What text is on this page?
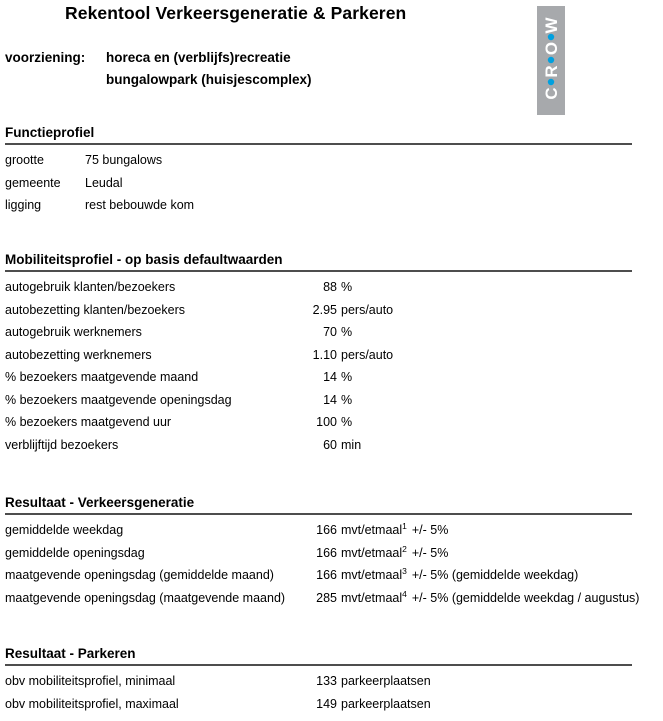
Rekentool Verkeersgeneratie & Parkeren
voorziening:	horeca en (verblijfs)recreatie
bungalowpark (huisjescomplex)
C
R
O
W
Functieprofiel
grootte	75 bungalows
gemeente	Leudal
ligging	rest bebouwde kom
Mobiliteitsprofiel - op basis defaultwaarden
autogebruik klanten/bezoekers	88 %
autobezetting klanten/bezoekers	2.95 pers/auto
autogebruik werknemers	70 %
autobezetting werknemers	1.10 pers/auto
% bezoekers maatgevende maand	14 %
% bezoekers maatgevende openingsdag	14 %
% bezoekers maatgevend uur	100 %
verblijftijd bezoekers	60 min
Resultaat - Verkeersgeneratie
gemiddelde weekdag	166 mvt/etmaal$^1$ +/- 5%
gemiddelde openingsdag	166 mvt/etmaal$^2$ +/- 5%
maatgevende openingsdag (gemiddelde maand)	166 mvt/etmaal$^3$ +/- 5% (gemiddelde weekdag)
maatgevende openingsdag (maatgevende maand)	285 mvt/etmaal$^4$ +/- 5% (gemiddelde weekdag / augustus)
Resultaat - Parkeren
obv mobiliteitsprofiel, minimaal	133 parkeerplaatsen
obv mobiliteitsprofiel, maximaal	149 parkeerplaatsen
